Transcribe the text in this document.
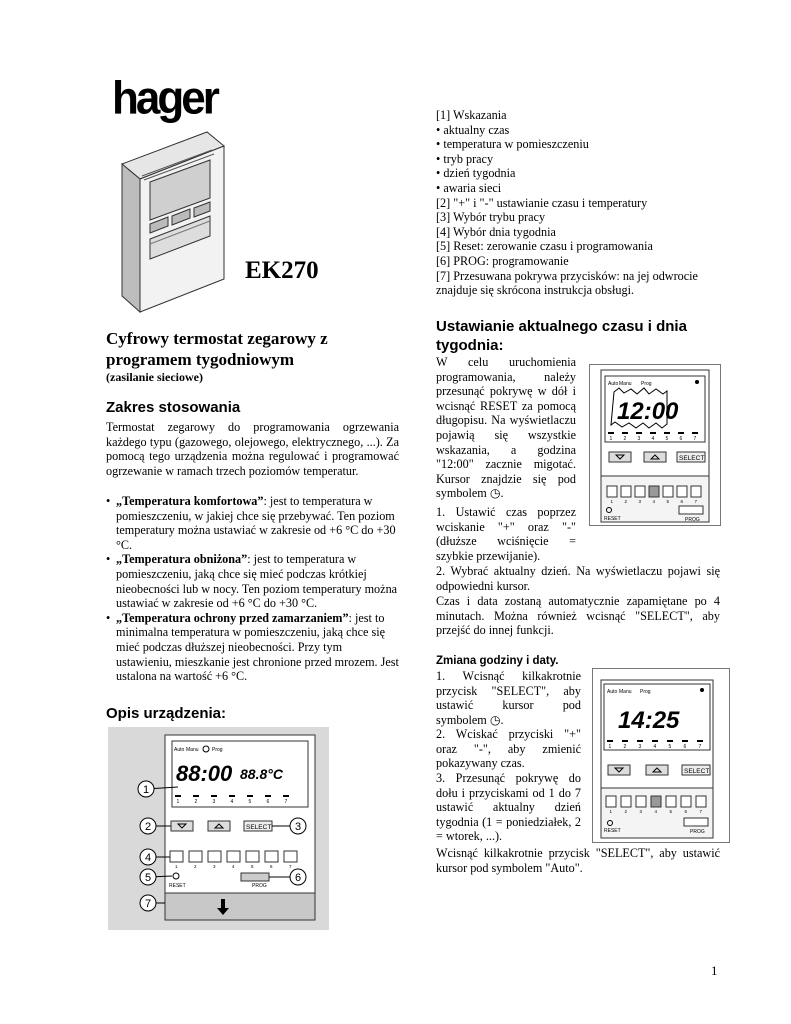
hager
EK270
Cyfrowy termostat zegarowy z
programem tygodniowym
(zasilanie sieciowe)
Zakres stosowania
Termostat zegarowy do programowania ogrzewania każdego typu (gazowego, olejowego, elektrycznego, ...). Za pomocą tego urządzenia można regulować i programować ogrzewanie w ramach trzech poziomów temperatur.
• „Temperatura komfortowa”: jest to temperatura w pomieszczeniu, w jakiej chce się przebywać. Ten poziom temperatury można ustawiać w zakresie od +6 °C do +30 °C.
• „Temperatura obniżona”: jest to temperatura w pomieszczeniu, jaką chce się mieć podczas krótkiej nieobecności lub w nocy. Ten poziom temperatury można ustawiać w zakresie od +6 °C do +30 °C.
• „Temperatura ochrony przed zamarzaniem”: jest to minimalna temperatura w pomieszczeniu, jaką chce się mieć podczas dłuższej nieobecności. Przy tym ustawieniu, mieszkanie jest chronione przed mrozem. Jest ustalona na wartość +6 °C.
Opis urządzenia:
Auto Manu	Prog
88:00 88.8°C
1	2	3	4	5	6	7
SELECT
1	2	3	4	5	6	7
RESET	PROG
1
2	3
4
5	6
7
[1] Wskazania
• aktualny czas
• temperatura w pomieszczeniu
• tryb pracy
• dzień tygodnia
• awaria sieci
[2] "+" i "-" ustawianie czasu i temperatury
[3] Wybór trybu pracy
[4] Wybór dnia tygodnia
[5] Reset: zerowanie czasu i programowania
[6] PROG: programowanie
[7] Przesuwana pokrywa przycisków: na jej odwrocie znajduje się skrócona instrukcja obsługi.
Ustawianie aktualnego czasu i dnia
tygodnia:
W celu uruchomienia programowania, należy przesunąć pokrywę w dół i wcisnąć RESET za pomocą długopisu. Na wyświetlaczu pojawią się wszystkie wskazania, a godzina "12:00" zacznie migotać. Kursor znajdzie się pod symbolem ◷.
1. Ustawić czas poprzez wciskanie "+" oraz "-" (dłuższe wciśnięcie = szybkie przewijanie).
Auto Manu Prog
12:00
1 2 3 4 5 6 7
SELECT
1	2	3	4	5	6	7
RESET	PROG
2. Wybrać aktualny dzień. Na wyświetlaczu pojawi się odpowiedni kursor.
Czas i data zostaną automatycznie zapamiętane po 4 minutach. Można również wcisnąć "SELECT", aby przejść do innej funkcji.
Zmiana godziny i daty.
1. Wcisnąć kilkakrotnie przycisk "SELECT", aby ustawić kursor pod symbolem ◷.
2. Wciskać przyciski "+" oraz "-", aby zmienić pokazywany czas.
3. Przesunąć pokrywę do dołu i przyciskami od 1 do 7 ustawić aktualny dzień tygodnia (1 = poniedziałek, 2 = wtorek, ...).
Wcisnąć kilkakrotnie przycisk "SELECT", aby ustawić kursor pod symbolem "Auto".
Auto Manu Prog
14:25
1 2 3 4 5 6 7
SELECT
1	2	3	4	5	6	7
RESET	PROG
1
